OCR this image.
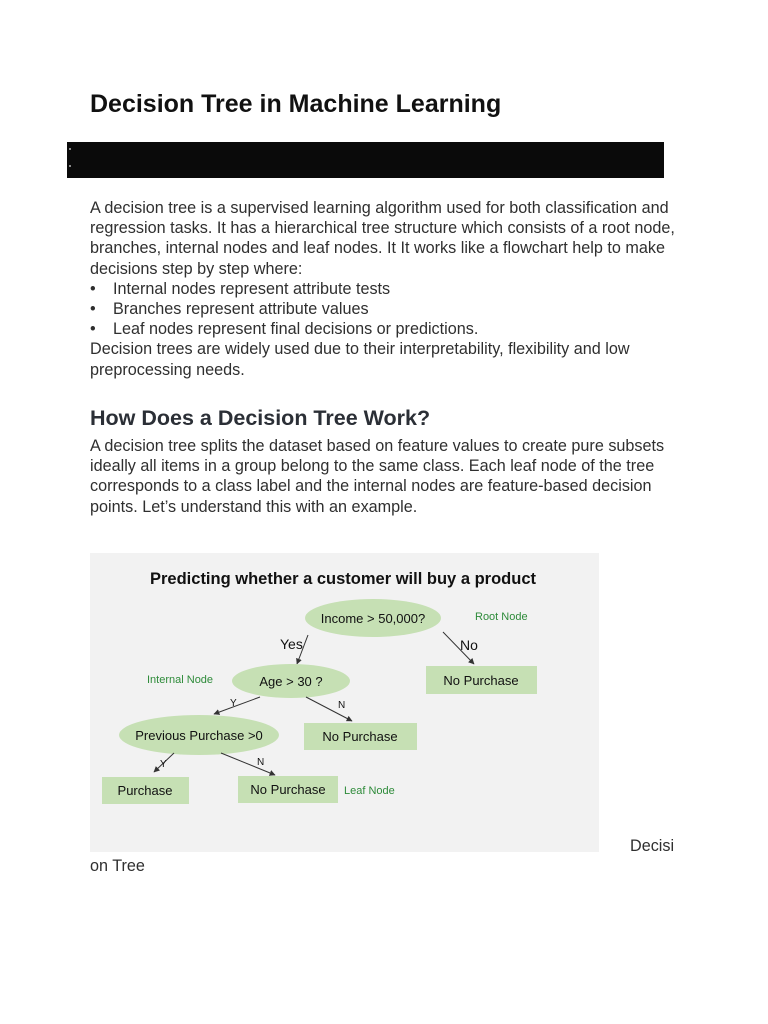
Decision Tree in Machine Learning

A decision tree is a supervised learning algorithm used for both classification and regression tasks. It has a hierarchical tree structure which consists of a root node, branches, internal nodes and leaf nodes. It It works like a flowchart help to make decisions step by step where:

• Internal nodes represent attribute tests
• Branches represent attribute values
• Leaf nodes represent final decisions or predictions.

Decision trees are widely used due to their interpretability, flexibility and low preprocessing needs.

How Does a Decision Tree Work?

A decision tree splits the dataset based on feature values to create pure subsets ideally all items in a group belong to the same class. Each leaf node of the tree corresponds to a class label and the internal nodes are feature-based decision points. Let’s understand this with an example.

Predicting whether a customer will buy a product
Income > 50,000?	Root Node
Yes	No
Age > 30 ?
Internal Node	No Purchase
Y	N
Previous Purchase >0	No Purchase
Y	N
Purchase	No Purchase Leaf Node
Decisi
on Tree
